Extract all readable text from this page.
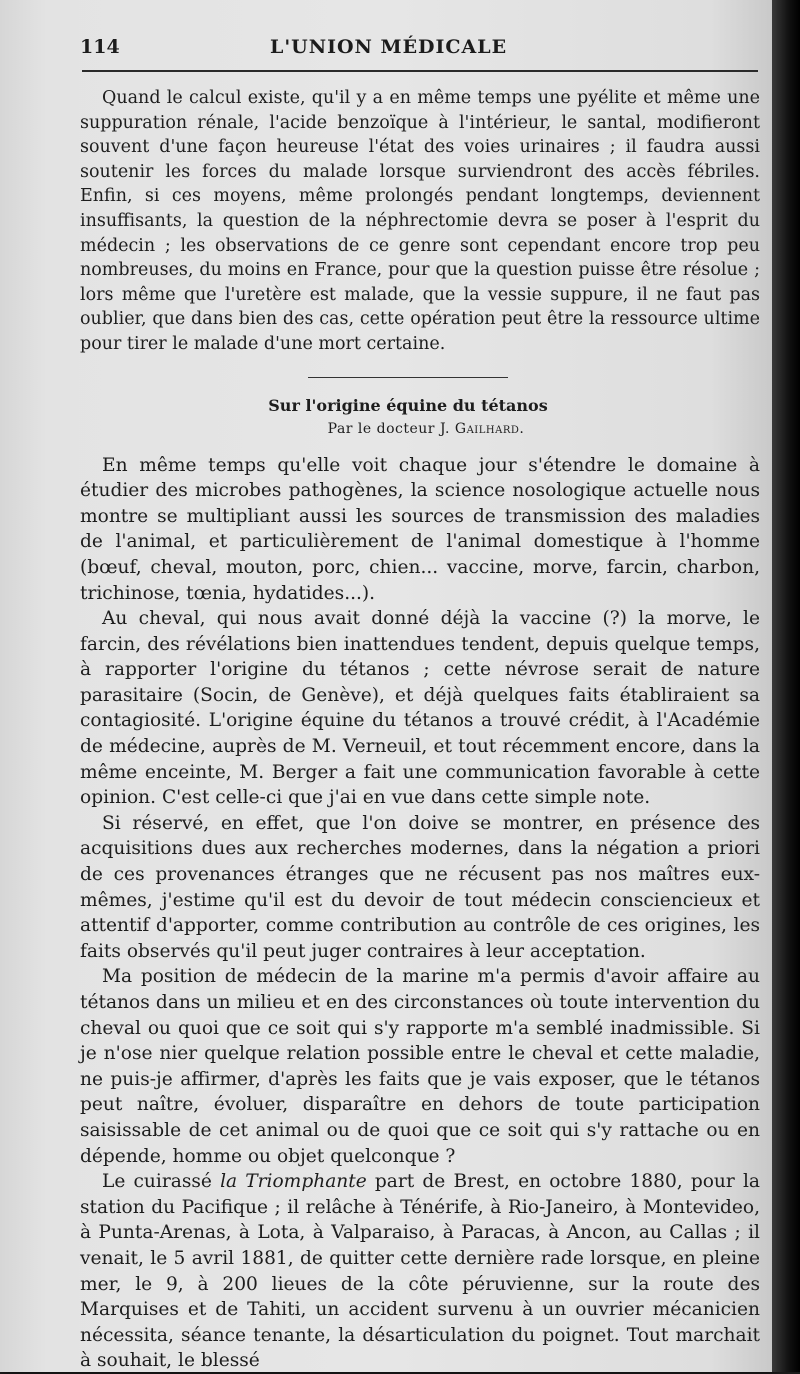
114	L'UNION MÉDICALE

Quand le calcul existe, qu'il y a en même temps une pyélite et même une suppuration rénale, l'acide benzoïque à l'intérieur, le santal, modifieront souvent d'une façon heureuse l'état des voies urinaires ; il faudra aussi soutenir les forces du malade lorsque surviendront des accès fébriles. Enfin, si ces moyens, même prolongés pendant longtemps, deviennent insuffisants, la question de la néphrectomie devra se poser à l'esprit du médecin ; les observations de ce genre sont cependant encore trop peu nombreuses, du moins en France, pour que la question puisse être résolue ; lors même que l'uretère est malade, que la vessie suppure, il ne faut pas oublier, que dans bien des cas, cette opération peut être la ressource ultime pour tirer le malade d'une mort certaine.

Sur l'origine équine du tétanos
Par le docteur J. Gailhard.

En même temps qu'elle voit chaque jour s'étendre le domaine à étudier des microbes pathogènes, la science nosologique actuelle nous montre se multipliant aussi les sources de transmission des maladies de l'animal, et particulièrement de l'animal domestique à l'homme (bœuf, cheval, mouton, porc, chien... vaccine, morve, farcin, charbon, trichinose, tœnia, hydatides...).

Au cheval, qui nous avait donné déjà la vaccine (?) la morve, le farcin, des révélations bien inattendues tendent, depuis quelque temps, à rapporter l'origine du tétanos ; cette névrose serait de nature parasitaire (Socin, de Genève), et déjà quelques faits établiraient sa contagiosité. L'origine équine du tétanos a trouvé crédit, à l'Académie de médecine, auprès de M. Verneuil, et tout récemment encore, dans la même enceinte, M. Berger a fait une communication favorable à cette opinion. C'est celle-ci que j'ai en vue dans cette simple note.

Si réservé, en effet, que l'on doive se montrer, en présence des acquisitions dues aux recherches modernes, dans la négation a priori de ces provenances étranges que ne récusent pas nos maîtres eux-mêmes, j'estime qu'il est du devoir de tout médecin consciencieux et attentif d'apporter, comme contribution au contrôle de ces origines, les faits observés qu'il peut juger contraires à leur acceptation.

Ma position de médecin de la marine m'a permis d'avoir affaire au tétanos dans un milieu et en des circonstances où toute intervention du cheval ou quoi que ce soit qui s'y rapporte m'a semblé inadmissible. Si je n'ose nier quelque relation possible entre le cheval et cette maladie, ne puis-je affirmer, d'après les faits que je vais exposer, que le tétanos peut naître, évoluer, disparaître en dehors de toute participation saisissable de cet animal ou de quoi que ce soit qui s'y rattache ou en dépende, homme ou objet quelconque ?

Le cuirassé la Triomphante part de Brest, en octobre 1880, pour la station du Pacifique ; il relâche à Ténérife, à Rio-Janeiro, à Montevideo, à Punta-Arenas, à Lota, à Valparaiso, à Paracas, à Ancon, au Callas ; il venait, le 5 avril 1881, de quitter cette dernière rade lorsque, en pleine mer, le 9, à 200 lieues de la côte péruvienne, sur la route des Marquises et de Tahiti, un accident survenu à un ouvrier mécanicien nécessita, séance tenante, la désarticulation du poignet. Tout marchait à souhait, le blessé
